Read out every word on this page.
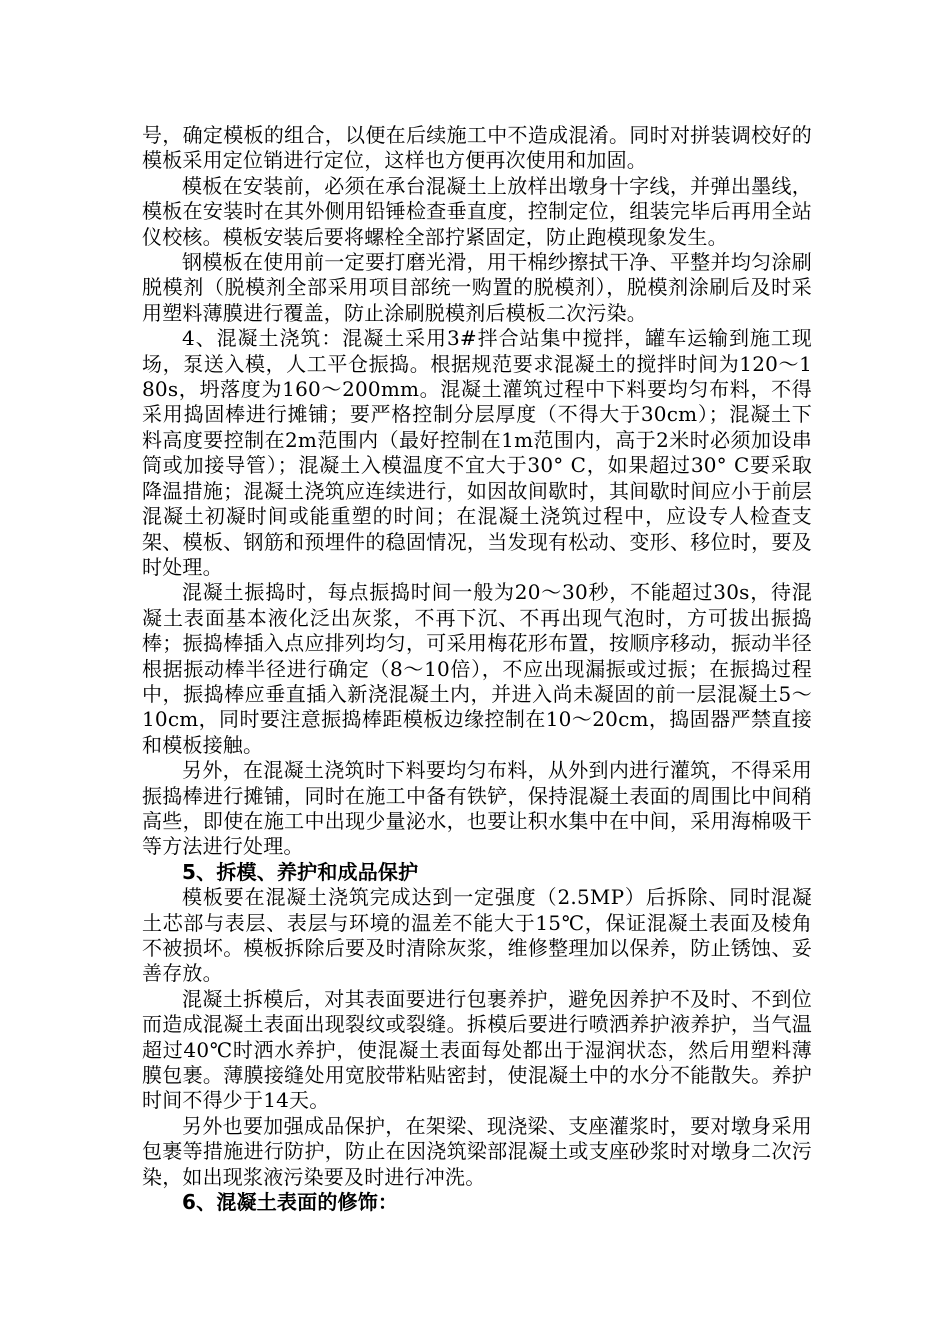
号，确定模板的组合，以便在后续施工中不造成混淆。同时对拼装调校好的模板采用定位销进行定位，这样也方便再次使用和加固。

模板在安装前，必须在承台混凝土上放样出墩身十字线，并弹出墨线，模板在安装时在其外侧用铅锤检查垂直度，控制定位，组装完毕后再用全站仪校核。模板安装后要将螺栓全部拧紧固定，防止跑模现象发生。

钢模板在使用前一定要打磨光滑，用干棉纱擦拭干净、平整并均匀涂刷脱模剂（脱模剂全部采用项目部统一购置的脱模剂），脱模剂涂刷后及时采用塑料薄膜进行覆盖，防止涂刷脱模剂后模板二次污染。

4、混凝土浇筑：混凝土采用3#拌合站集中搅拌，罐车运输到施工现场，泵送入模，人工平仓振捣。根据规范要求混凝土的搅拌时间为120～180s，坍落度为160～200mm。混凝土灌筑过程中下料要均匀布料，不得采用捣固棒进行摊铺；要严格控制分层厚度（不得大于30cm）；混凝土下料高度要控制在2m范围内（最好控制在1m范围内，高于2米时必须加设串筒或加接导管）；混凝土入模温度不宜大于30° C，如果超过30° C要采取降温措施；混凝土浇筑应连续进行，如因故间歇时，其间歇时间应小于前层混凝土初凝时间或能重塑的时间；在混凝土浇筑过程中，应设专人检查支架、模板、钢筋和预埋件的稳固情况，当发现有松动、变形、移位时，要及时处理。

混凝土振捣时，每点振捣时间一般为20～30秒，不能超过30s，待混凝土表面基本液化泛出灰浆，不再下沉、不再出现气泡时，方可拔出振捣棒；振捣棒插入点应排列均匀，可采用梅花形布置，按顺序移动，振动半径根据振动棒半径进行确定（8～10倍），不应出现漏振或过振；在振捣过程中，振捣棒应垂直插入新浇混凝土内，并进入尚未凝固的前一层混凝土5～10cm，同时要注意振捣棒距模板边缘控制在10～20cm，捣固器严禁直接和模板接触。

另外，在混凝土浇筑时下料要均匀布料，从外到内进行灌筑，不得采用振捣棒进行摊铺，同时在施工中备有铁铲，保持混凝土表面的周围比中间稍高些，即使在施工中出现少量泌水，也要让积水集中在中间，采用海棉吸干等方法进行处理。

5、拆模、养护和成品保护

模板要在混凝土浇筑完成达到一定强度（2.5MP）后拆除、同时混凝土芯部与表层、表层与环境的温差不能大于15℃，保证混凝土表面及棱角不被损坏。模板拆除后要及时清除灰浆，维修整理加以保养，防止锈蚀、妥善存放。

混凝土拆模后，对其表面要进行包裹养护，避免因养护不及时、不到位而造成混凝土表面出现裂纹或裂缝。拆模后要进行喷洒养护液养护，当气温超过40℃时洒水养护，使混凝土表面每处都出于湿润状态，然后用塑料薄膜包裹。薄膜接缝处用宽胶带粘贴密封，使混凝土中的水分不能散失。养护时间不得少于14天。

另外也要加强成品保护，在架梁、现浇梁、支座灌浆时，要对墩身采用包裹等措施进行防护，防止在因浇筑梁部混凝土或支座砂浆时对墩身二次污染，如出现浆液污染要及时进行冲洗。

6、混凝土表面的修饰：
